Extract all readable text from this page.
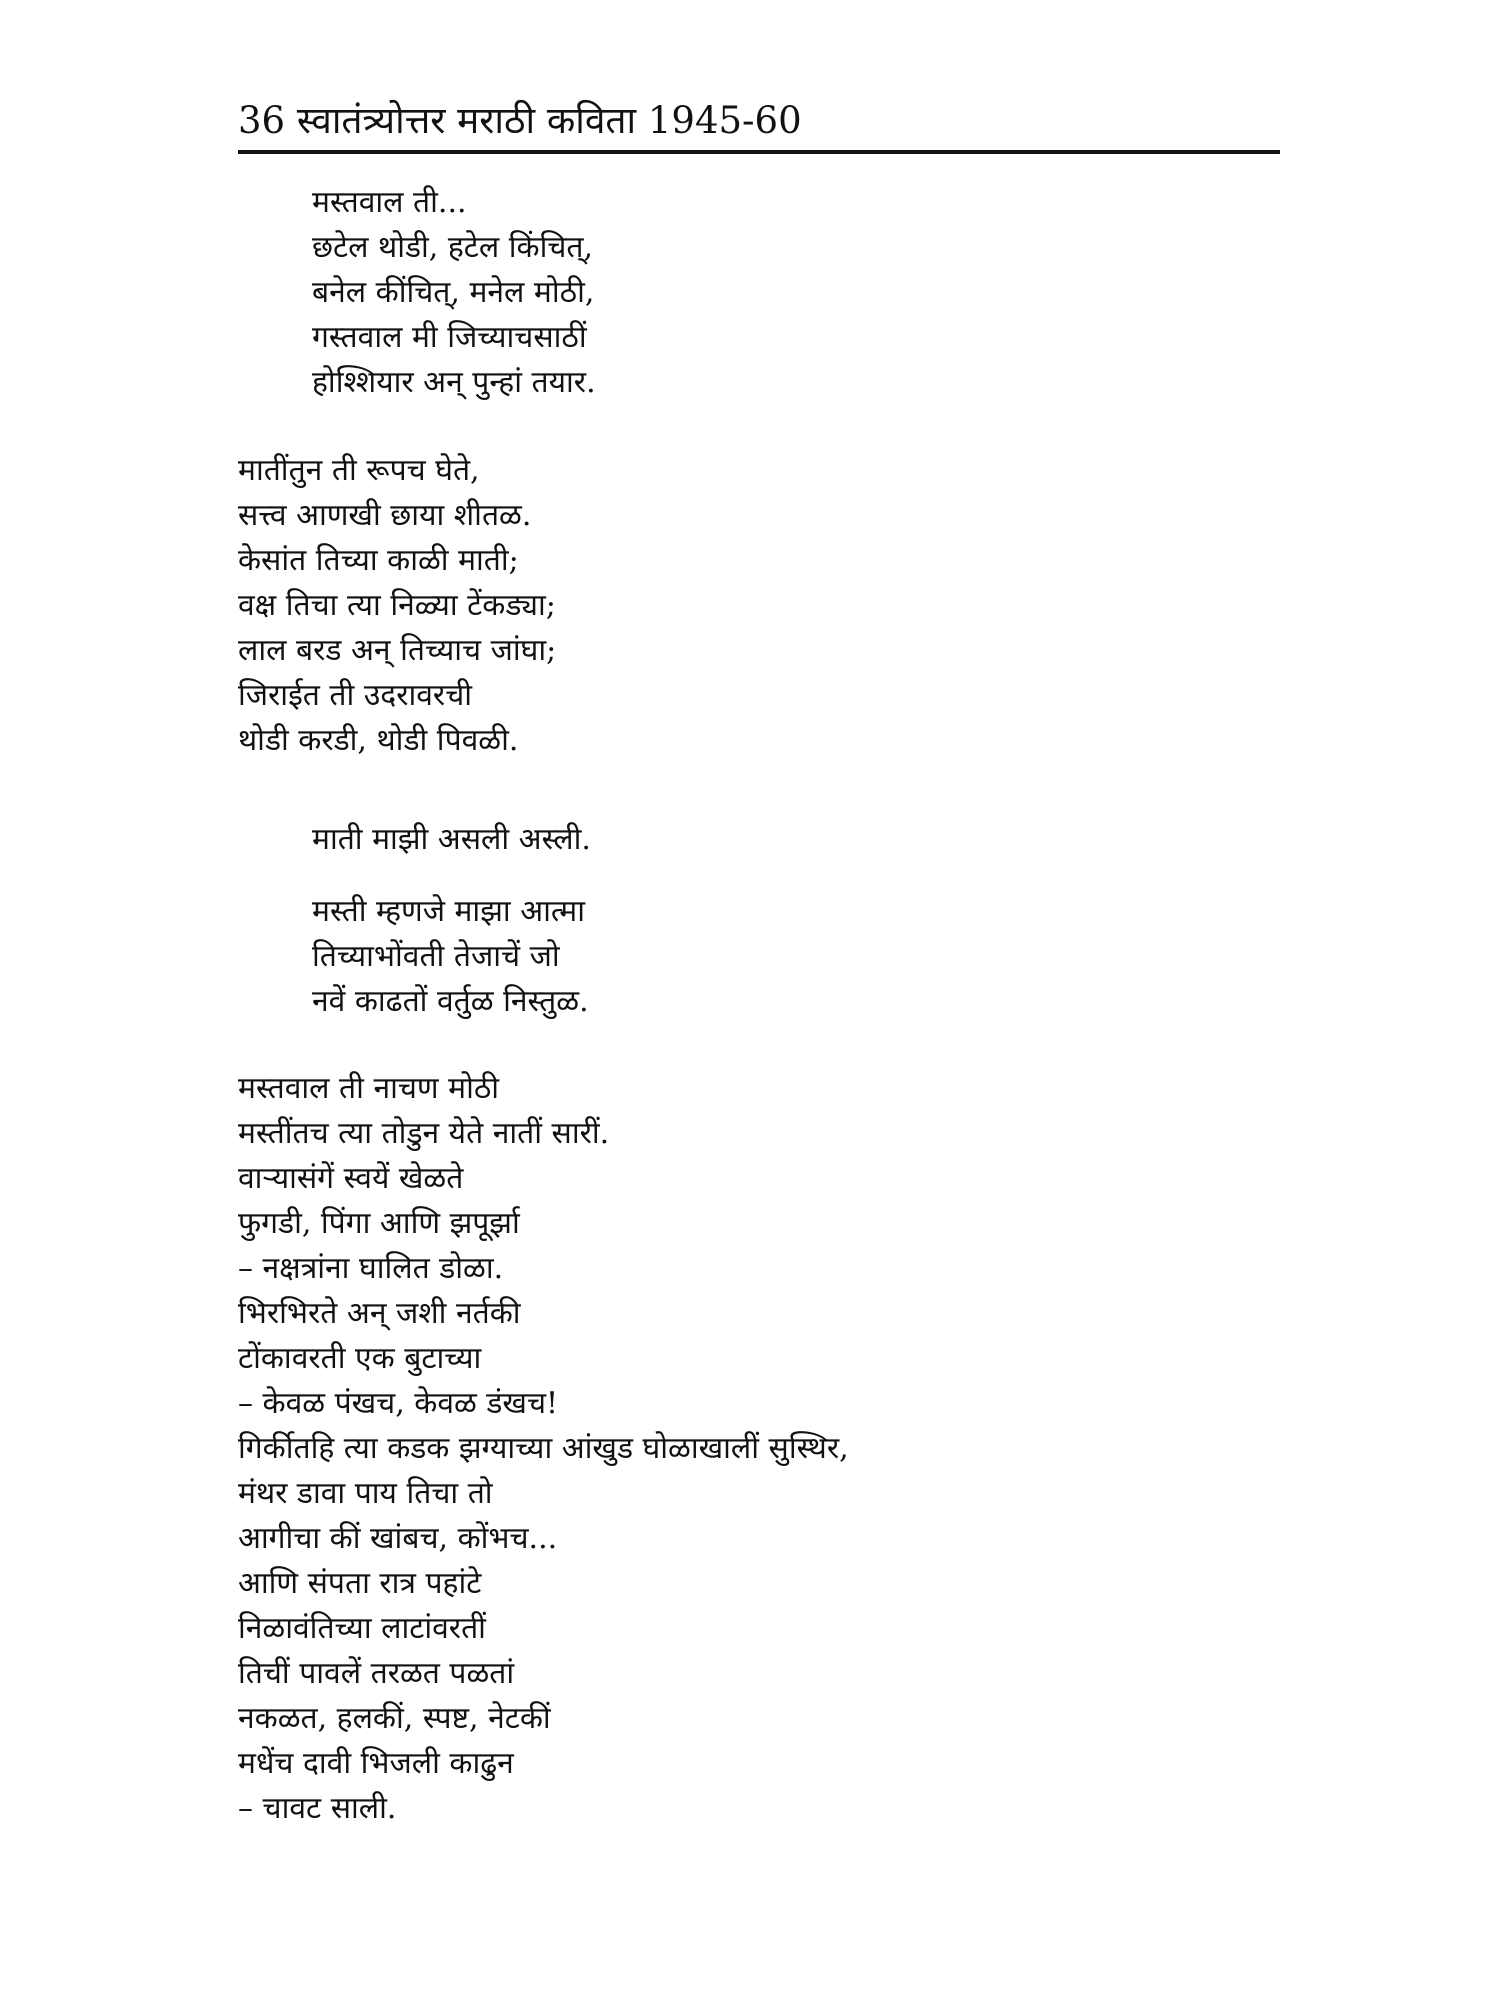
36 स्वातंत्र्योत्तर मराठी कविता 1945-60
मस्तवाल ती...
छटेल थोडी, हटेल किंचित्,
बनेल कींचित्, मनेल मोठी,
गस्तवाल मी जिच्याचसाठीं
होश्शियार अन् पुन्हां तयार.
मातींतुन ती रूपच घेते,
सत्त्व आणखी छाया शीतळ.
केसांत तिच्या काळी माती;
वक्ष तिचा त्या निळ्या टेंकड्या;
लाल बरड अन् तिच्याच जांघा;
जिराईत ती उदरावरची
थोडी करडी, थोडी पिवळी.
माती माझी असली अस्ली.
मस्ती म्हणजे माझा आत्मा
तिच्याभोंवती तेजाचें जो
नवें काढतों वर्तुळ निस्तुळ.
मस्तवाल ती नाचण मोठी
मस्तींतच त्या तोडुन येते नातीं सारीं.
वाऱ्यासंगें स्वयें खेळते
फुगडी, पिंगा आणि झपूर्झा
– नक्षत्रांना घालित डोळा.
भिरभिरते अन् जशी नर्तकी
टोंकावरती एक बुटाच्या
– केवळ पंखच, केवळ डंखच!
गिर्कीतहि त्या कडक झग्याच्या आंखुड घोळाखालीं सुस्थिर,
मंथर डावा पाय तिचा तो
आगीचा कीं खांबच, कोंभच...
आणि संपता रात्र पहांटे
निळावंतिच्या लाटांवरतीं
तिचीं पावलें तरळत पळतां
नकळत, हलकीं, स्पष्ट, नेटकीं
मधेंच दावी भिजली काढुन
– चावट साली.
